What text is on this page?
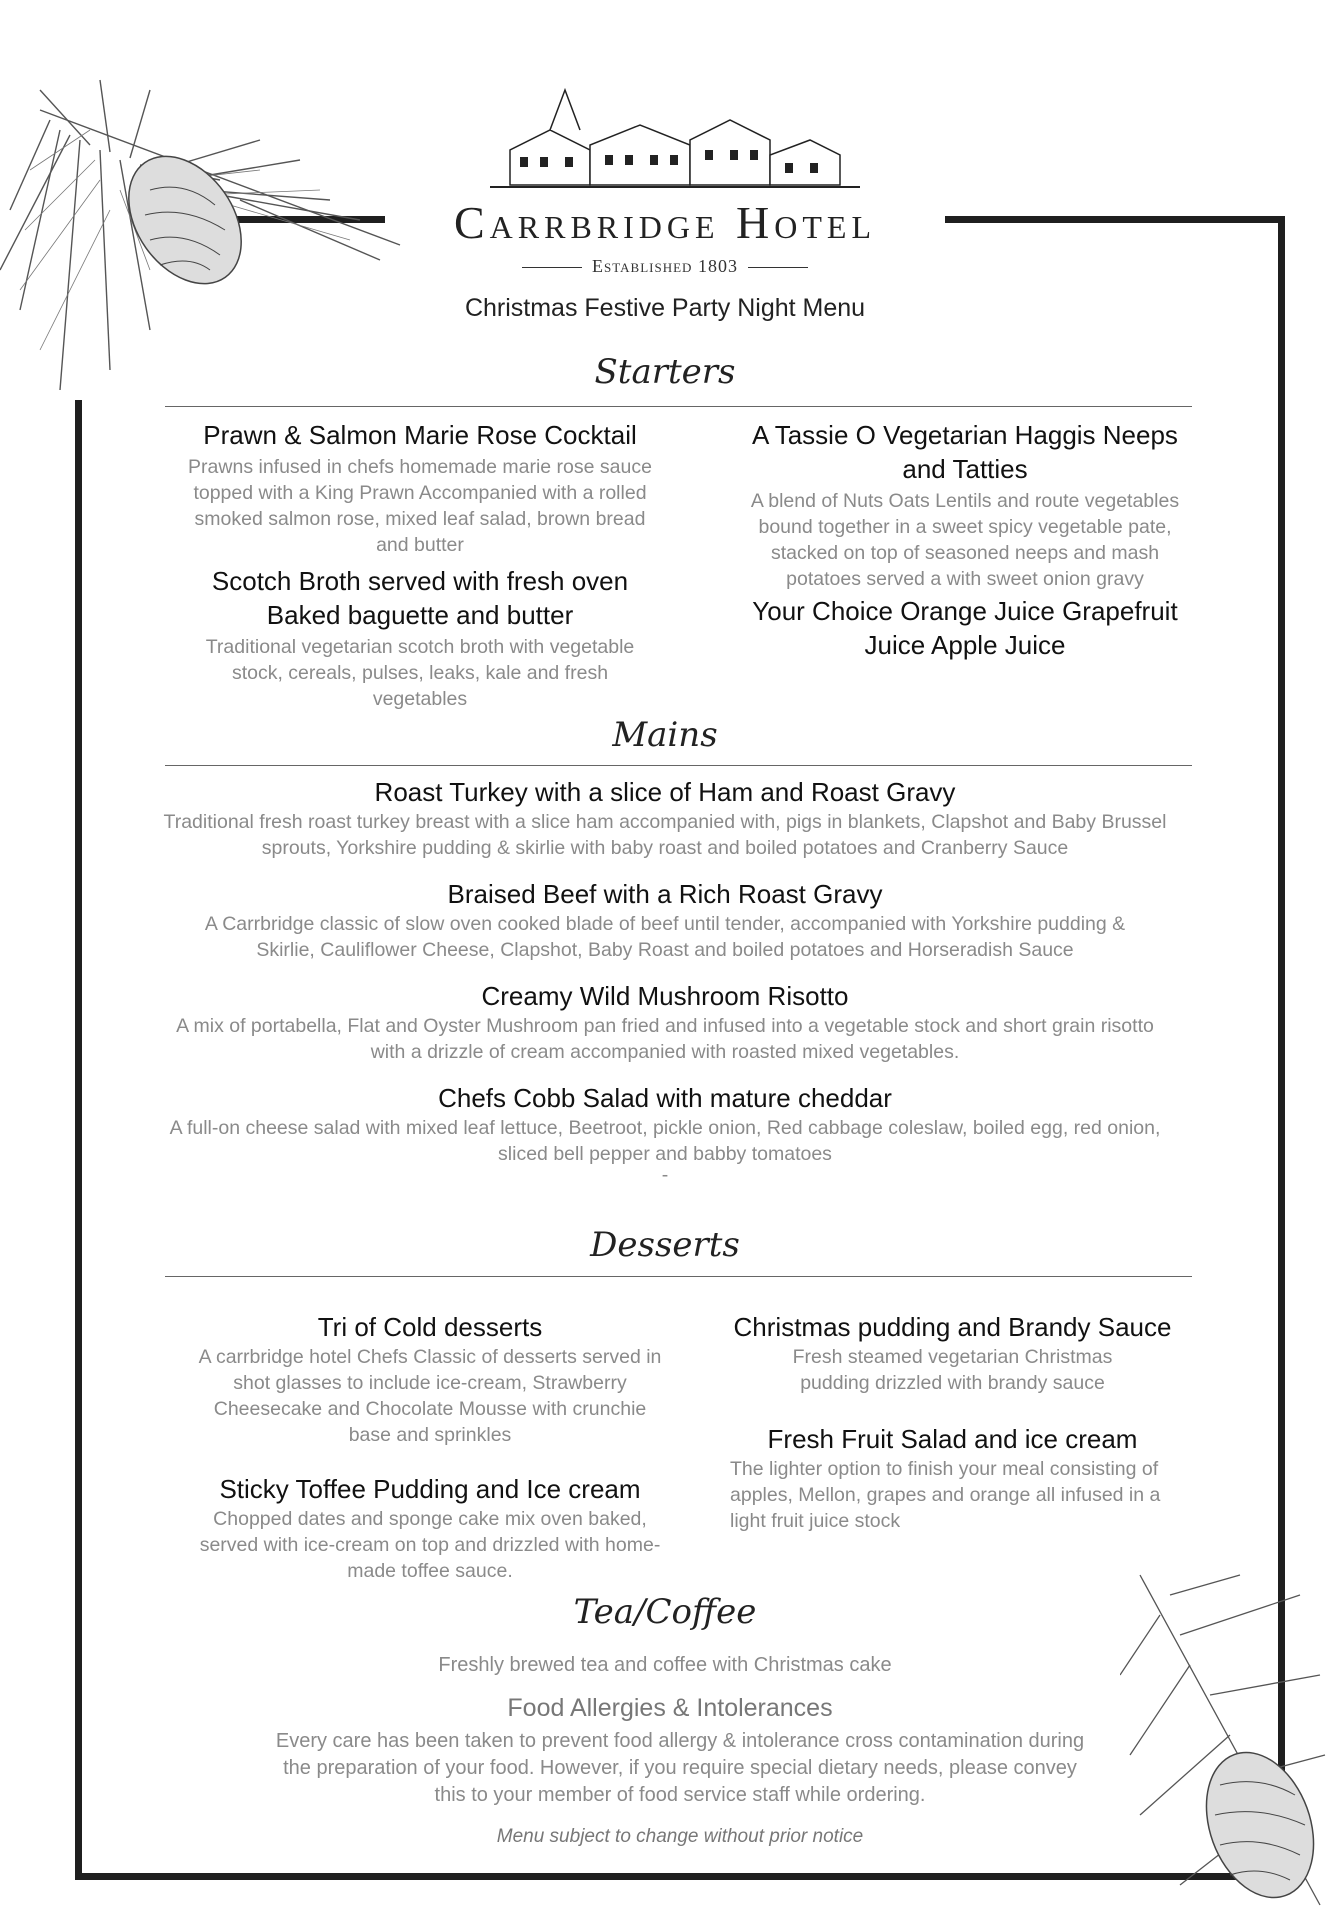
Carrbridge Hotel
Established 1803
Christmas Festive Party Night Menu
Starters
Prawn & Salmon Marie Rose Cocktail
Prawns infused in chefs homemade marie rose sauce topped with a King Prawn Accompanied with a rolled smoked salmon rose, mixed leaf salad, brown bread and butter
Scotch Broth served with fresh oven Baked baguette and butter
Traditional vegetarian scotch broth with vegetable stock, cereals, pulses, leaks, kale and fresh vegetables
A Tassie O Vegetarian Haggis Neeps and Tatties
A blend of Nuts Oats Lentils and route vegetables bound together in a sweet spicy vegetable pate, stacked on top of seasoned neeps and mash potatoes served a with sweet onion gravy
Your Choice Orange Juice Grapefruit Juice Apple Juice
Mains
Roast Turkey with a slice of Ham and Roast Gravy
Traditional fresh roast turkey breast with a slice ham accompanied with, pigs in blankets, Clapshot and Baby Brussel sprouts, Yorkshire pudding & skirlie with baby roast and boiled potatoes and Cranberry Sauce
Braised Beef with a Rich Roast Gravy
A Carrbridge classic of slow oven cooked blade of beef until tender, accompanied with Yorkshire pudding & Skirlie, Cauliflower Cheese, Clapshot, Baby Roast and boiled potatoes and Horseradish Sauce
Creamy Wild Mushroom Risotto
A mix of portabella, Flat and Oyster Mushroom pan fried and infused into a vegetable stock and short grain risotto with a drizzle of cream accompanied with roasted mixed vegetables.
Chefs Cobb Salad with mature cheddar
A full-on cheese salad with mixed leaf lettuce, Beetroot, pickle onion, Red cabbage coleslaw, boiled egg, red onion, sliced bell pepper and babby tomatoes
-
Desserts
Tri of Cold desserts
A carrbridge hotel Chefs Classic of desserts served in shot glasses to include ice-cream, Strawberry Cheesecake and Chocolate Mousse with crunchie base and sprinkles
Sticky Toffee Pudding and Ice cream
Chopped dates and sponge cake mix oven baked, served with ice-cream on top and drizzled with home-made toffee sauce.
Christmas pudding and Brandy Sauce
Fresh steamed vegetarian Christmas pudding drizzled with brandy sauce
Fresh Fruit Salad and ice cream
The lighter option to finish your meal consisting of apples, Mellon, grapes and orange all infused in a light fruit juice stock
Tea/Coffee
Freshly brewed tea and coffee with Christmas cake
Food Allergies & Intolerances
Every care has been taken to prevent food allergy & intolerance cross contamination during the preparation of your food. However, if you require special dietary needs, please convey this to your member of food service staff while ordering.
Menu subject to change without prior notice
